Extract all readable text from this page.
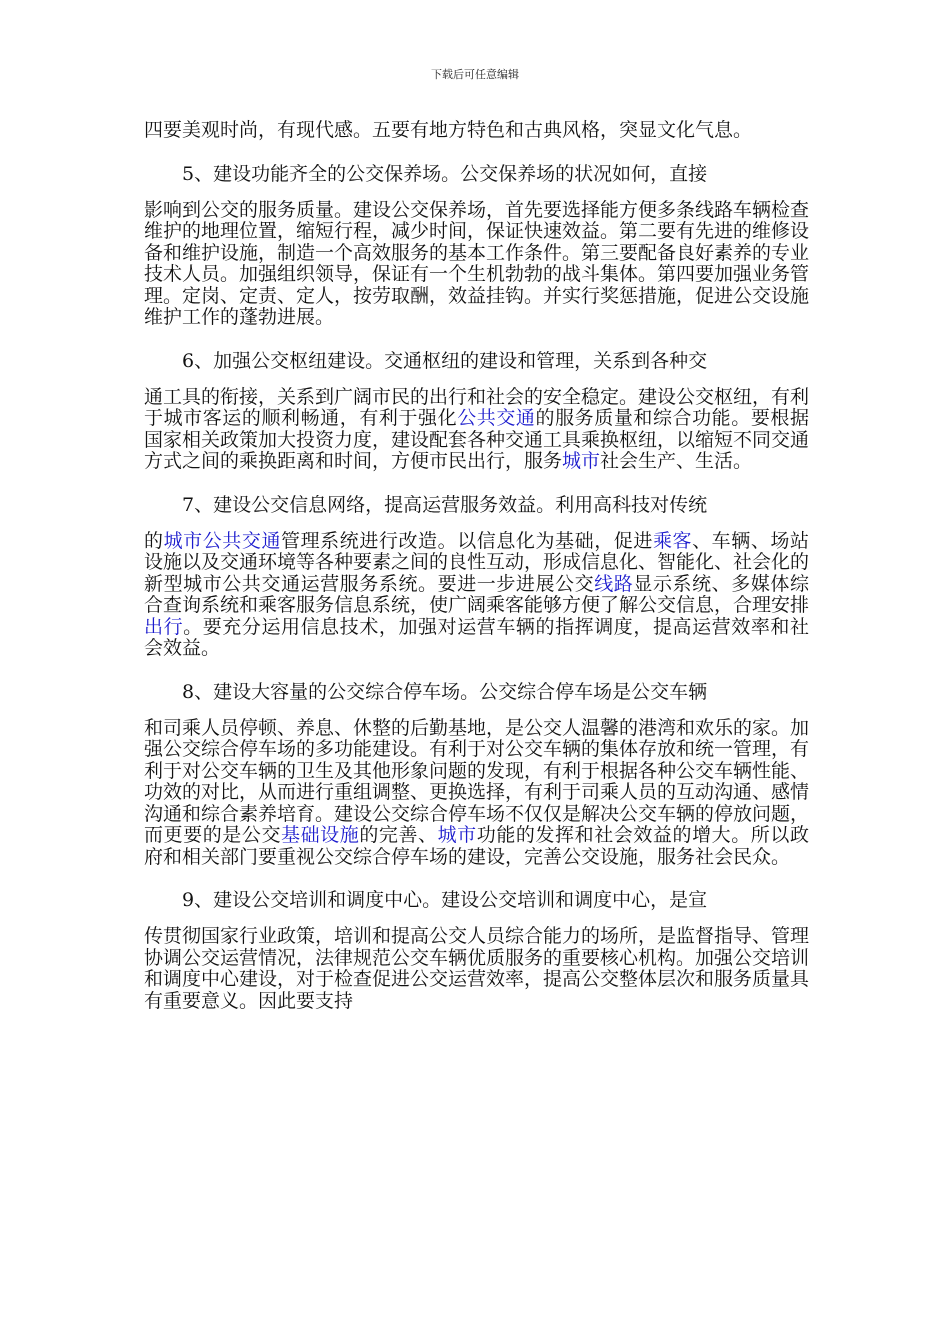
下载后可任意编辑

四要美观时尚，有现代感。五要有地方特色和古典风格，突显文化气息。

5、建设功能齐全的公交保养场。公交保养场的状况如何，直接

影响到公交的服务质量。建设公交保养场，首先要选择能方便多条线路车辆检查维护的地理位置，缩短行程，减少时间，保证快速效益。第二要有先进的维修设备和维护设施，制造一个高效服务的基本工作条件。第三要配备良好素养的专业技术人员。加强组织领导，保证有一个生机勃勃的战斗集体。第四要加强业务管理。定岗、定责、定人，按劳取酬，效益挂钩。并实行奖惩措施，促进公交设施维护工作的蓬勃进展。

6、加强公交枢纽建设。交通枢纽的建设和管理，关系到各种交

通工具的衔接，关系到广阔市民的出行和社会的安全稳定。建设公交枢纽，有利于城市客运的顺利畅通，有利于强化公共交通的服务质量和综合功能。要根据国家相关政策加大投资力度，建设配套各种交通工具乘换枢纽，以缩短不同交通方式之间的乘换距离和时间，方便市民出行，服务城市社会生产、生活。

7、建设公交信息网络，提高运营服务效益。利用高科技对传统

的城市公共交通管理系统进行改造。以信息化为基础，促进乘客、车辆、场站设施以及交通环境等各种要素之间的良性互动，形成信息化、智能化、社会化的新型城市公共交通运营服务系统。要进一步进展公交线路显示系统、多媒体综合查询系统和乘客服务信息系统，使广阔乘客能够方便了解公交信息，合理安排出行。要充分运用信息技术，加强对运营车辆的指挥调度，提高运营效率和社会效益。

8、建设大容量的公交综合停车场。公交综合停车场是公交车辆

和司乘人员停顿、养息、休整的后勤基地，是公交人温馨的港湾和欢乐的家。加强公交综合停车场的多功能建设。有利于对公交车辆的集体存放和统一管理，有利于对公交车辆的卫生及其他形象问题的发现，有利于根据各种公交车辆性能、功效的对比，从而进行重组调整、更换选择，有利于司乘人员的互动沟通、感情沟通和综合素养培育。建设公交综合停车场不仅仅是解决公交车辆的停放问题，而更要的是公交基础设施的完善、城市功能的发挥和社会效益的增大。所以政府和相关部门要重视公交综合停车场的建设，完善公交设施，服务社会民众。

9、建设公交培训和调度中心。建设公交培训和调度中心，是宣

传贯彻国家行业政策，培训和提高公交人员综合能力的场所，是监督指导、管理协调公交运营情况，法律规范公交车辆优质服务的重要核心机构。加强公交培训和调度中心建设，对于检查促进公交运营效率，提高公交整体层次和服务质量具有重要意义。因此要支持
